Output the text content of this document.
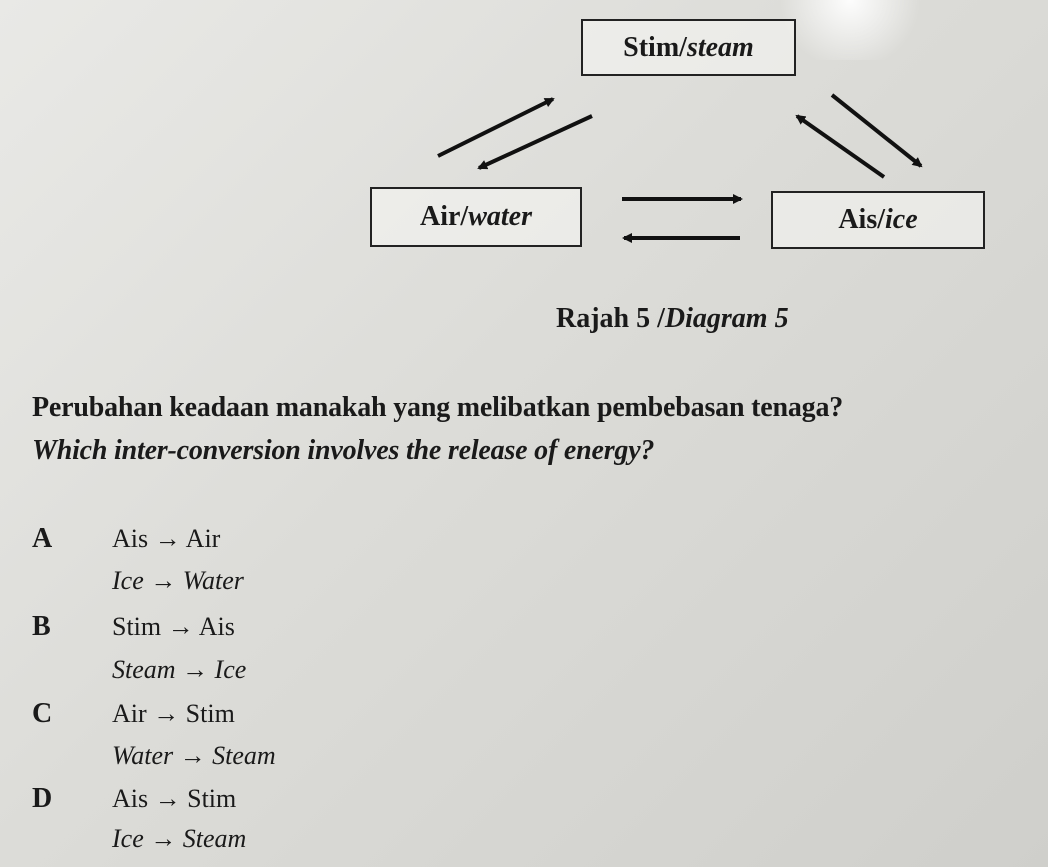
Stim/ steam
Air/ water	Ais/ ice
Rajah 5 /Diagram 5
Perubahan keadaan manakah yang melibatkan pembebasan tenaga?
Which inter-conversion involves the release of energy?
A Ais → Air
Ice → Water
B Stim → Ais
Steam → Ice
C Air → Stim
Water → Steam
D Ais → Stim
Ice → Steam
